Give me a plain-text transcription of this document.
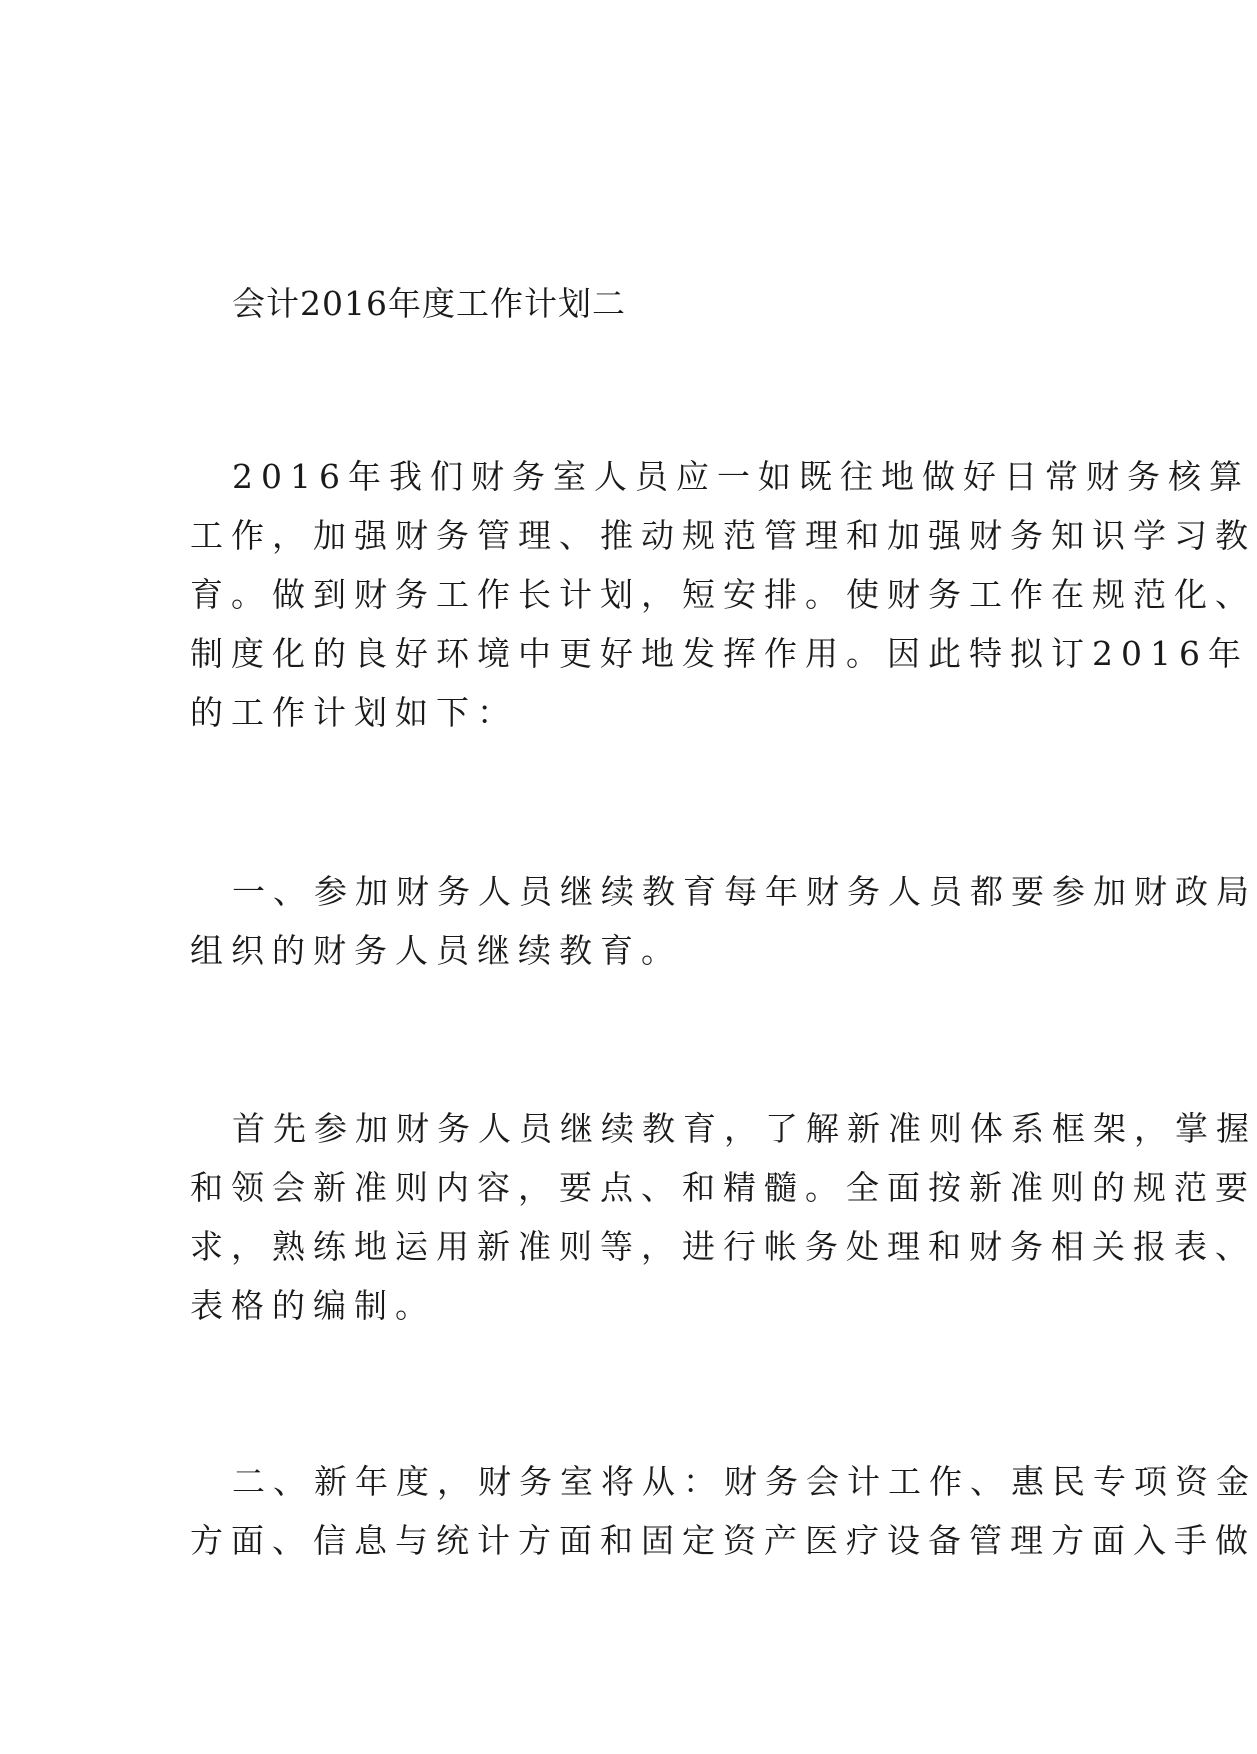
会计2016年度工作计划二

2016年我们财务室人员应一如既往地做好日常财务核算
工作，加强财务管理、推动规范管理和加强财务知识学习教
育。做到财务工作长计划，短安排。使财务工作在规范化、
制度化的良好环境中更好地发挥作用。因此特拟订2016年
的工作计划如下：

一、参加财务人员继续教育每年财务人员都要参加财政局
组织的财务人员继续教育。

首先参加财务人员继续教育，了解新准则体系框架，掌握
和领会新准则内容，要点、和精髓。全面按新准则的规范要
求，熟练地运用新准则等，进行帐务处理和财务相关报表、
表格的编制。

二、新年度，财务室将从：财务会计工作、惠民专项资金
方面、信息与统计方面和固定资产医疗设备管理方面入手做
